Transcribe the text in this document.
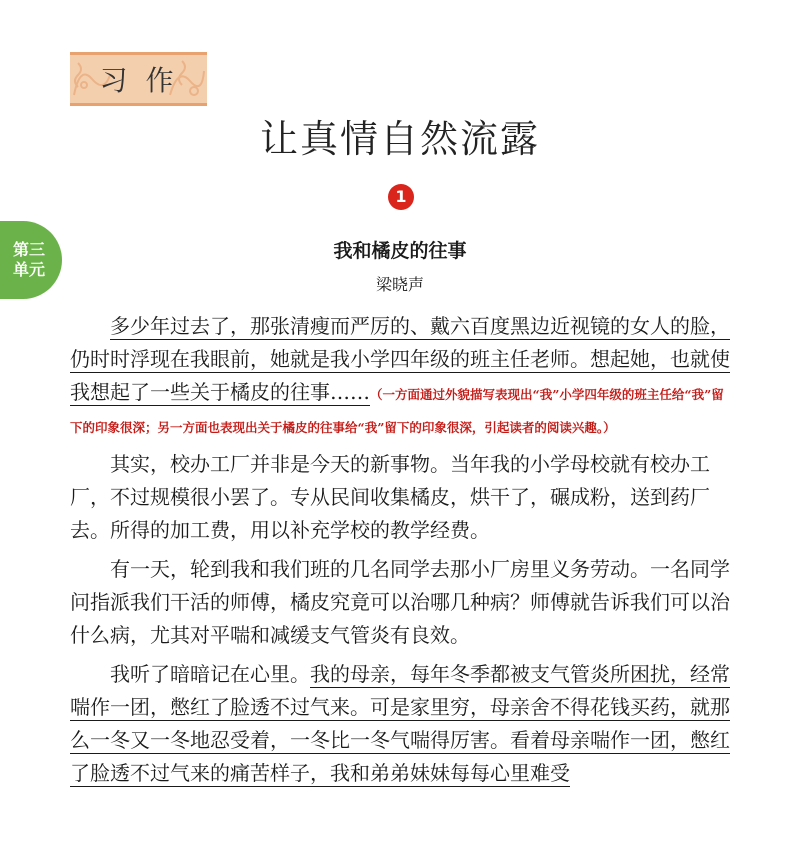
习作
让真情自然流露
1
第三
单元
我和橘皮的往事
梁晓声

多少年过去了，那张清瘦而严厉的、戴六百度黑边近视镜的女人的脸，仍时时浮现在我眼前，她就是我小学四年级的班主任老师。想起她，也就使我想起了一些关于橘皮的往事……（一方面通过外貌描写表现出“我”小学四年级的班主任给“我”留下的印象很深；另一方面也表现出关于橘皮的往事给“我”留下的印象很深，引起读者的阅读兴趣。）

其实，校办工厂并非是今天的新事物。当年我的小学母校就有校办工厂，不过规模很小罢了。专从民间收集橘皮，烘干了，碾成粉，送到药厂去。所得的加工费，用以补充学校的教学经费。

有一天，轮到我和我们班的几名同学去那小厂房里义务劳动。一名同学问指派我们干活的师傅，橘皮究竟可以治哪几种病？师傅就告诉我们可以治什么病，尤其对平喘和减缓支气管炎有良效。

我听了暗暗记在心里。我的母亲，每年冬季都被支气管炎所困扰，经常喘作一团，憋红了脸透不过气来。可是家里穷，母亲舍不得花钱买药，就那么一冬又一冬地忍受着，一冬比一冬气喘得厉害。看着母亲喘作一团，憋红了脸透不过气来的痛苦样子，我和弟弟妹妹每每心里难受
